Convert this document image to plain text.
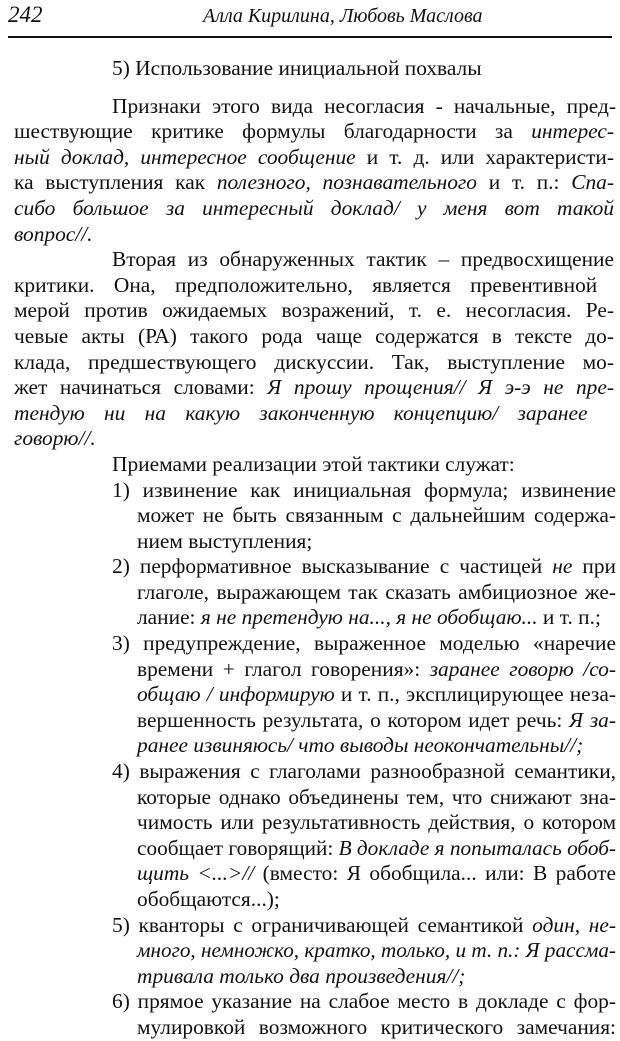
242	Алла Кирилина, Любовь Маслова
5) Использование инициальной похвалы
Признаки этого вида несогласия - начальные, пред-
шествующие критике формулы благодарности за интерес-
ный доклад, интересное сообщение и т. д. или характеристи-
ка выступления как полезного, познавательного и т. п.: Спа-
сибо большое за интересный доклад/ у меня вот такой
вопрос//.
Вторая из обнаруженных тактик – предвосхищение
критики. Она, предположительно, является превентивной
мерой против ожидаемых возражений, т. е. несогласия. Ре-
чевые акты (РА) такого рода чаще содержатся в тексте до-
клада, предшествующего дискуссии. Так, выступление мо-
жет начинаться словами: Я прошу прощения// Я э-э не пре-
тендую ни на какую законченную концепцию/ заранее
говорю//.
Приемами реализации этой тактики служат:
1) извинение как инициальная формула; извинение
может не быть связанным с дальнейшим содержа-
нием выступления;
2) перформативное высказывание с частицей не при
глаголе, выражающем так сказать амбициозное же-
лание: я не претендую на..., я не обобщаю... и т. п.;
3) предупреждение, выраженное моделью «наречие
времени + глагол говорения»: заранее говорю /со-
общаю / информирую и т. п., эксплицирующее неза-
вершенность результата, о котором идет речь: Я за-
ранее извиняюсь/ что выводы неокончательны//;
4) выражения с глаголами разнообразной семантики,
которые однако объединены тем, что снижают зна-
чимость или результативность действия, о котором
сообщает говорящий: В докладе я попыталась обоб-
щить <...>// (вместо: Я обобщила... или: В работе
обобщаются...);
5) кванторы с ограничивающей семантикой один, не-
много, немножко, кратко, только, и т. п.: Я рассма-
тривала только два произведения//;
6) прямое указание на слабое место в докладе с фор-
мулировкой возможного критического замечания:
